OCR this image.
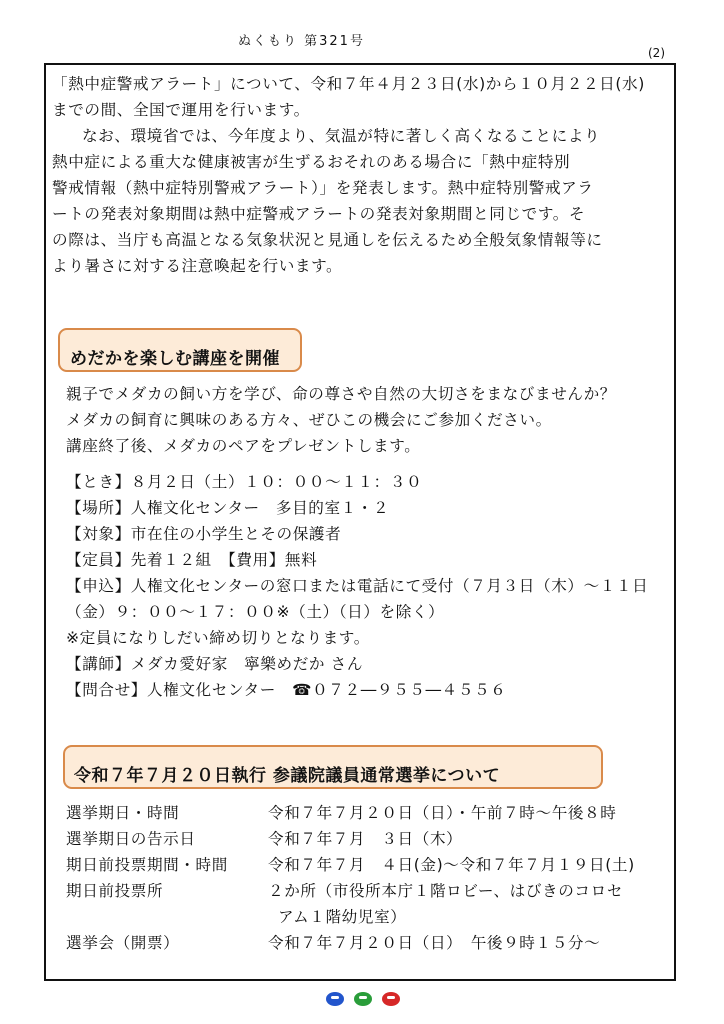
ぬくもり 第321号
(2)
「熱中症警戒アラート」について、令和７年４月２３日(水)から１０月２２日(水)
までの間、全国で運用を行います。
なお、環境省では、今年度より、気温が特に著しく高くなることにより
熱中症による重大な健康被害が生ずるおそれのある場合に「熱中症特別
警戒情報（熱中症特別警戒アラート）」を発表します。熱中症特別警戒アラ
ートの発表対象期間は熱中症警戒アラートの発表対象期間と同じです。そ
の際は、当庁も高温となる気象状況と見通しを伝えるため全般気象情報等に
より暑さに対する注意喚起を行います。
めだかを楽しむ講座を開催
親子でメダカの飼い方を学び、命の尊さや自然の大切さをまなびませんか？
メダカの飼育に興味のある方々、ぜひこの機会にご参加ください。
講座終了後、メダカのペアをプレゼントします。
【とき】８月２日（土）１０：００～１１：３０
【場所】人権文化センター　多目的室１・２
【対象】市在住の小学生とその保護者
【定員】先着１２組　【費用】無料
【申込】人権文化センターの窓口または電話にて受付（７月３日（木）～１１日
（金）９：００～１７：００※（土）（日）を除く）
※定員になりしだい締め切りとなります。
【講師】メダカ愛好家　寧樂めだか さん
【問合せ】人権文化センター　☎０７２―９５５―４５５６
令和７年７月２０日執行 参議院議員通常選挙について
選挙期日・時間	令和７年７月２０日（日）・午前７時～午後８時
選挙期日の告示日	令和７年７月　３日（木）
期日前投票期間・時間	令和７年７月　４日(金)～令和７年７月１９日(土)
期日前投票所	２か所（市役所本庁１階ロビー、はびきのコロセ
アム１階幼児室）
選挙会（開票）	令和７年７月２０日（日）　午後９時１５分～
